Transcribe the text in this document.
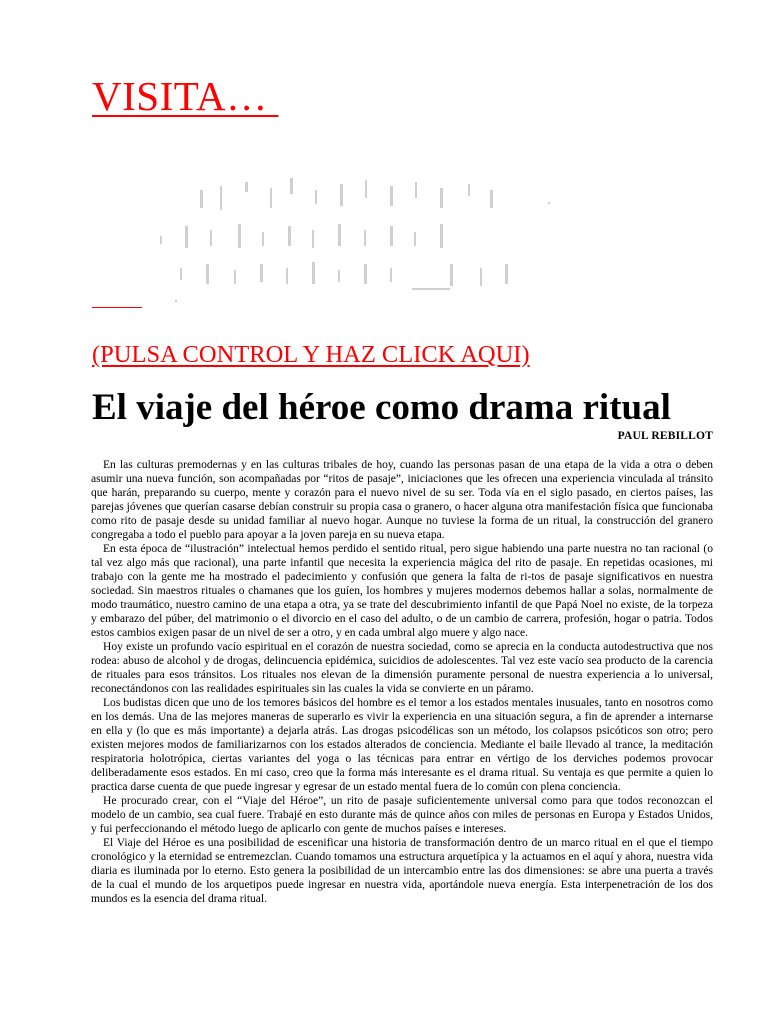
VISITA…
(PULSA CONTROL Y HAZ CLICK AQUI)
El viaje del héroe como drama ritual
PAUL REBILLOT

En las culturas premodernas y en las culturas tribales de hoy, cuando las personas pasan de una etapa de la vida a otra o deben asumir una nueva función, son acompañadas por “ritos de pasaje”, iniciaciones que les ofrecen una experiencia vinculada al tránsito que harán, preparando su cuerpo, mente y corazón para el nuevo nivel de su ser. Toda vía en el siglo pasado, en ciertos países, las parejas jóvenes que querían casarse debían construir su propia casa o granero, o hacer alguna otra manifestación física que funcionaba como rito de pasaje desde su unidad familiar al nuevo hogar. Aunque no tuviese la forma de un ritual, la construcción del granero congregaba a todo el pueblo para apoyar a la joven pareja en su nueva etapa.

En esta época de “ilustración” intelectual hemos perdido el sentido ritual, pero sigue habiendo una parte nuestra no tan racional (o tal vez algo más que racional), una parte infantil que necesita la experiencia mágica del rito de pasaje. En repetidas ocasiones, mi trabajo con la gente me ha mostrado el padecimiento y confusión que genera la falta de ri-tos de pasaje significativos en nuestra sociedad. Sin maestros rituales o chamanes que los guíen, los hombres y mujeres modernos debemos hallar a solas, normalmente de modo traumático, nuestro camino de una etapa a otra, ya se trate del descubrimiento infantil de que Papá Noel no existe, de la torpeza y embarazo del púber, del matrimonio o el divorcio en el caso del adulto, o de un cambio de carrera, profesión, hogar o patria. Todos estos cambios exigen pasar de un nivel de ser a otro, y en cada umbral algo muere y algo nace.

Hoy existe un profundo vacío espiritual en el corazón de nuestra sociedad, como se aprecia en la conducta autodestructiva que nos rodea: abuso de alcohol y de drogas, delincuencia epidémica, suicidios de adolescentes. Tal vez este vacío sea producto de la carencia de rituales para esos tránsitos. Los rituales nos elevan de la dimensión puramente personal de nuestra experiencia a lo universal, reconectándonos con las realidades espirituales sin las cuales la vida se convierte en un páramo.

Los budistas dicen que uno de los temores básicos del hombre es el temor a los estados mentales inusuales, tanto en nosotros como en los demás. Una de las mejores maneras de superarlo es vivir la experiencia en una situación segura, a fin de aprender a internarse en ella y (lo que es más importante) a dejarla atrás. Las drogas psicodélicas son un método, los colapsos psicóticos son otro; pero existen mejores modos de familiarizarnos con los estados alterados de conciencia. Mediante el baile llevado al trance, la meditación respiratoria holotrópica, ciertas variantes del yoga o las técnicas para entrar en vértigo de los derviches podemos provocar deliberadamente esos estados. En mi caso, creo que la forma más interesante es el drama ritual. Su ventaja es que permite a quien lo practica darse cuenta de que puede ingresar y egresar de un estado mental fuera de lo común con plena conciencia.

He procurado crear, con el “Viaje del Héroe”, un rito de pasaje suficientemente universal como para que todos reconozcan el modelo de un cambio, sea cual fuere. Trabajé en esto durante más de quince años con miles de personas en Europa y Estados Unidos, y fui perfeccionando el método luego de aplicarlo con gente de muchos países e intereses.

El Viaje del Héroe es una posibilidad de escenificar una historia de transformación dentro de un marco ritual en el que el tiempo cronológico y la eternidad se entremezclan. Cuando tomamos una estructura arquetípica y la actuamos en el aquí y ahora, nuestra vida diaria es iluminada por lo eterno. Esto genera la posibilidad de un intercambio entre las dos dimensiones: se abre una puerta a través de la cual el mundo de los arquetipos puede ingresar en nuestra vida, aportándole nueva energía. Esta interpenetración de los dos mundos es la esencia del drama ritual.
